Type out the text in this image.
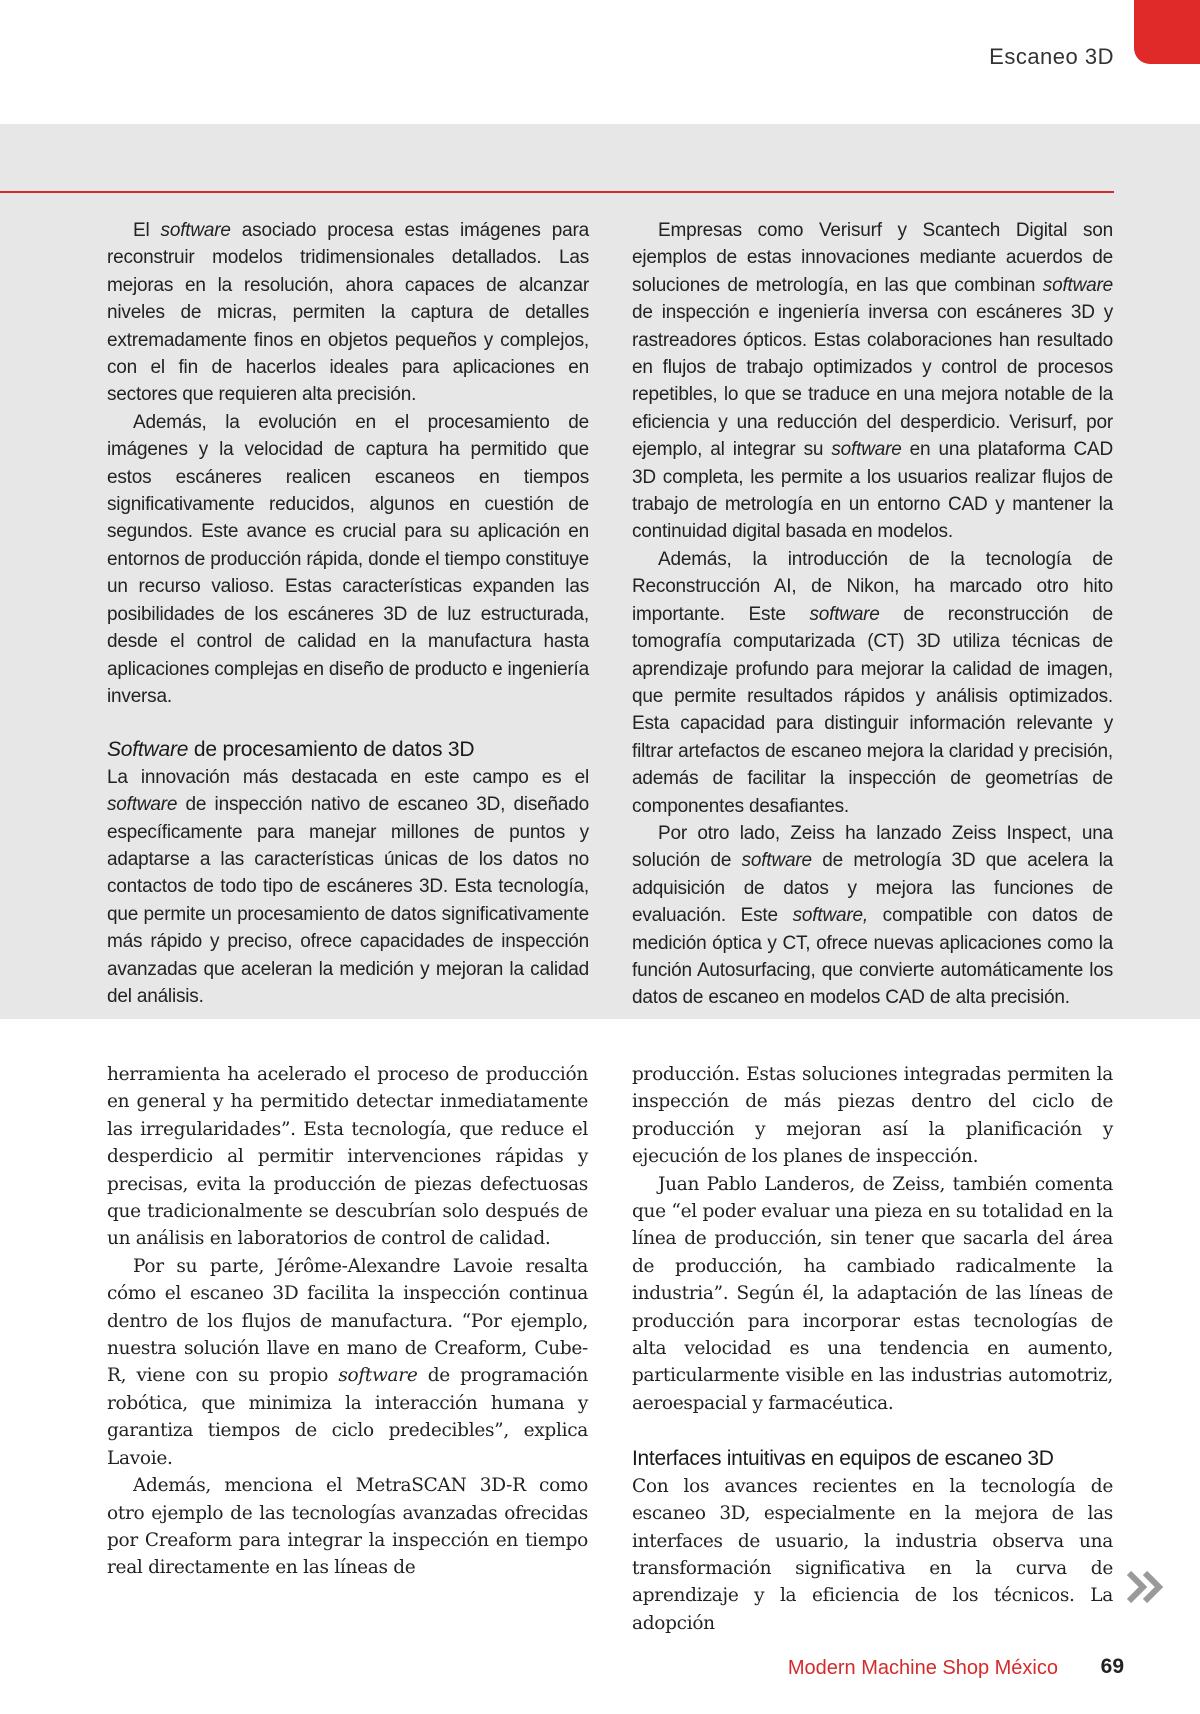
Escaneo 3D

El software asociado procesa estas imágenes para reconstruir modelos tridimensionales detallados. Las mejoras en la resolución, ahora capaces de alcanzar niveles de micras, permiten la captura de detalles extremadamente finos en objetos pequeños y complejos, con el fin de hacerlos ideales para aplicaciones en sectores que requieren alta precisión.

Además, la evolución en el procesamiento de imágenes y la velocidad de captura ha permitido que estos escáneres realicen escaneos en tiempos significativamente reducidos, algunos en cuestión de segundos. Este avance es crucial para su aplicación en entornos de producción rápida, donde el tiempo constituye un recurso valioso. Estas características expanden las posibilidades de los escáneres 3D de luz estructurada, desde el control de calidad en la manufactura hasta aplicaciones complejas en diseño de producto e ingeniería inversa.

Software de procesamiento de datos 3D

La innovación más destacada en este campo es el software de inspección nativo de escaneo 3D, diseñado específicamente para manejar millones de puntos y adaptarse a las características únicas de los datos no contactos de todo tipo de escáneres 3D. Esta tecnología, que permite un procesamiento de datos significativamente más rápido y preciso, ofrece capacidades de inspección avanzadas que aceleran la medición y mejoran la calidad del análisis.

Empresas como Verisurf y Scantech Digital son ejemplos de estas innovaciones mediante acuerdos de soluciones de metrología, en las que combinan software de inspección e ingeniería inversa con escáneres 3D y rastreadores ópticos. Estas colaboraciones han resultado en flujos de trabajo optimizados y control de procesos repetibles, lo que se traduce en una mejora notable de la eficiencia y una reducción del desperdicio. Verisurf, por ejemplo, al integrar su software en una plataforma CAD 3D completa, les permite a los usuarios realizar flujos de trabajo de metrología en un entorno CAD y mantener la continuidad digital basada en modelos.

Además, la introducción de la tecnología de Reconstrucción AI, de Nikon, ha marcado otro hito importante. Este software de reconstrucción de tomografía computarizada (CT) 3D utiliza técnicas de aprendizaje profundo para mejorar la calidad de imagen, que permite resultados rápidos y análisis optimizados. Esta capacidad para distinguir información relevante y filtrar artefactos de escaneo mejora la claridad y precisión, además de facilitar la inspección de geometrías de componentes desafiantes.

Por otro lado, Zeiss ha lanzado Zeiss Inspect, una solución de software de metrología 3D que acelera la adquisición de datos y mejora las funciones de evaluación. Este software, compatible con datos de medición óptica y CT, ofrece nuevas aplicaciones como la función Autosurfacing, que convierte automáticamente los datos de escaneo en modelos CAD de alta precisión.

herramienta ha acelerado el proceso de producción en general y ha permitido detectar inmediatamente las irregularidades”. Esta tecnología, que reduce el desperdicio al permitir intervenciones rápidas y precisas, evita la producción de piezas defectuosas que tradicionalmente se descubrían solo después de un análisis en laboratorios de control de calidad.

Por su parte, Jérôme-Alexandre Lavoie resalta cómo el escaneo 3D facilita la inspección continua dentro de los flujos de manufactura. “Por ejemplo, nuestra solución llave en mano de Creaform, Cube-R, viene con su propio software de programación robótica, que minimiza la interacción humana y garantiza tiempos de ciclo predecibles”, explica Lavoie.

Además, menciona el MetraSCAN 3D-R como otro ejemplo de las tecnologías avanzadas ofrecidas por Creaform para integrar la inspección en tiempo real directamente en las líneas de

producción. Estas soluciones integradas permiten la inspección de más piezas dentro del ciclo de producción y mejoran así la planificación y ejecución de los planes de inspección.

Juan Pablo Landeros, de Zeiss, también comenta que “el poder evaluar una pieza en su totalidad en la línea de producción, sin tener que sacarla del área de producción, ha cambiado radicalmente la industria”. Según él, la adaptación de las líneas de producción para incorporar estas tecnologías de alta velocidad es una tendencia en aumento, particularmente visible en las industrias automotriz, aeroespacial y farmacéutica.

Interfaces intuitivas en equipos de escaneo 3D

Con los avances recientes en la tecnología de escaneo 3D, especialmente en la mejora de las interfaces de usuario, la industria observa una transformación significativa en la curva de aprendizaje y la eficiencia de los técnicos. La adopción

Modern Machine Shop México 69
